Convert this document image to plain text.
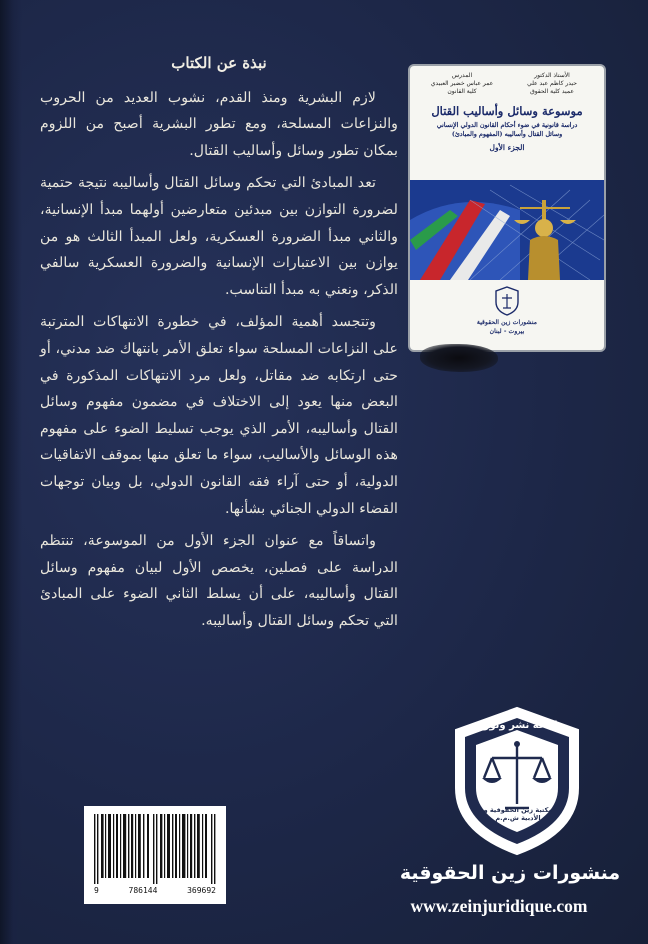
نبذة عن الكتاب

لازم البشرية ومنذ القدم، نشوب العديد من الحروب والنزاعات المسلحة، ومع تطور البشرية أصبح من اللزوم بمكان تطور وسائل وأساليب القتال.

تعد المبادئ التي تحكم وسائل القتال وأساليبه نتيجة حتمية لضرورة التوازن بين مبدئين متعارضين أولهما مبدأ الإنسانية، والثاني مبدأ الضرورة العسكرية، ولعل المبدأ الثالث هو من يوازن بين الاعتبارات الإنسانية والضرورة العسكرية سالفي الذكر، ونعني به مبدأ التناسب.

وتتجسد أهمية المؤلف، في خطورة الانتهاكات المترتبة على النزاعات المسلحة سواء تعلق الأمر بانتهاك ضد مدني، أو حتى ارتكابه ضد مقاتل، ولعل مرد الانتهاكات المذكورة في البعض منها يعود إلى الاختلاف في مضمون مفهوم وسائل القتال وأساليبه، الأمر الذي يوجب تسليط الضوء على مفهوم هذه الوسائل والأساليب، سواء ما تعلق منها بموقف الاتفاقيات الدولية، أو حتى آراء فقه القانون الدولي، بل وبيان توجهات القضاء الدولي الجنائي بشأنها.

واتساقاً مع عنوان الجزء الأول من الموسوعة، تنتظم الدراسة على فصلين، يخصص الأول لبيان مفهوم وسائل القتال وأساليبه، على أن يسلط الثاني الضوء على المبادئ التي تحكم وسائل القتال وأساليبه.

الأستاذ الدكتور
حيدر كاظم عبد علي
عميد كلية الحقوق
المدرس
عمر عباس خضير العبيدي
كلية القانون
موسوعة وسائل وأساليب القتال
دراسة قانونية في ضوء أحكام القانون الدولي الإنساني
وسائل القتال وأساليبه (المفهوم والمبادئ)
الجزء الأول
منشورات زين الحقوقية
بيروت - لبنان
طباعة نشر وتوزيع
مكتبة زين الحقوقية و الأدبية ش.م.م
9	786144	369692
منشورات زين الحقوقية
www.zeinjuridique.com
